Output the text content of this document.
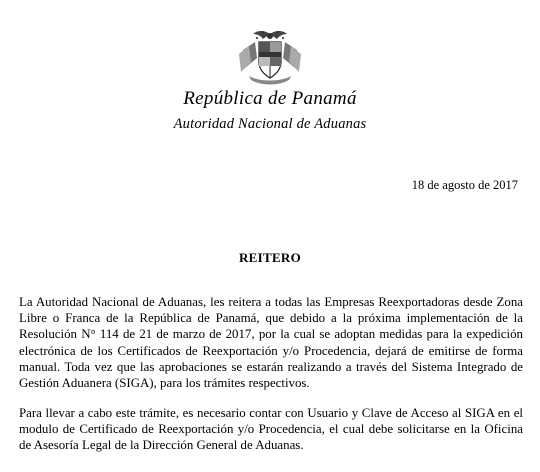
República de Panamá
Autoridad Nacional de Aduanas
18 de agosto de 2017
REITERO

La Autoridad Nacional de Aduanas, les reitera a todas las Empresas Reexportadoras desde Zona Libre o Franca de la República de Panamá, que debido a la próxima implementación de la Resolución N° 114 de 21 de marzo de 2017, por la cual se adoptan medidas para la expedición electrónica de los Certificados de Reexportación y/o Procedencia, dejará de emitirse de forma manual. Toda vez que las aprobaciones se estarán realizando a través del Sistema Integrado de Gestión Aduanera (SIGA), para los trámites respectivos.

Para llevar a cabo este trámite, es necesario contar con Usuario y Clave de Acceso al SIGA en el modulo de Certificado de Reexportación y/o Procedencia, el cual debe solicitarse en la Oficina de Asesoría Legal de la Dirección General de Aduanas.
